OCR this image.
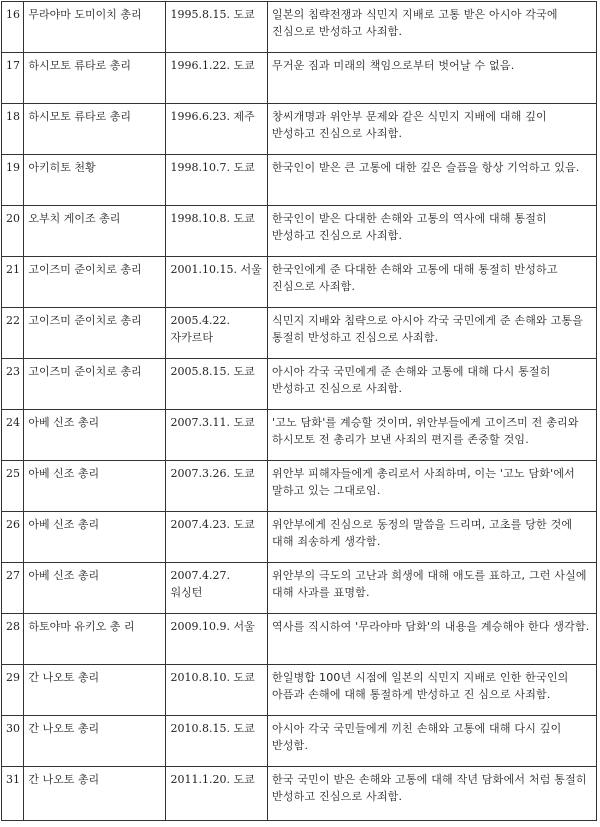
16	무라야마 도미이치 총리	1995.8.15. 도쿄	일본의 침략전쟁과 식민지 지배로 고통 받은 아시아 각국에 진심으로 반성하고 사죄함.
17	하시모토 류타로 총리	1996.1.22. 도쿄	무거운 짐과 미래의 책임으로부터 벗어날 수 없음.
18	하시모토 류타로 총리	1996.6.23. 제주	창씨개명과 위안부 문제와 같은 식민지 지배에 대해 깊이 반성하고 진심으로 사죄함.
19	아키히토 천황	1998.10.7. 도쿄	한국인이 받은 큰 고통에 대한 깊은 슬픔을 항상 기억하고 있음.
20	오부치 게이조 총리	1998.10.8. 도쿄	한국인이 받은 다대한 손해와 고통의 역사에 대해 통절히 반성하고 진심으로 사죄함.
21	고이즈미 준이치로 총리	2001.10.15. 서울	한국인에게 준 다대한 손해와 고통에 대해 통절히 반성하고 진심으로 사죄함.
22	고이즈미 준이치로 총리	2005.4.22. 자카르타	식민지 지배와 침략으로 아시아 각국 국민에게 준 손해와 고통을 통절히 반성하고 진심으로 사죄함.
23	고이즈미 준이치로 총리	2005.8.15. 도쿄	아시아 각국 국민에게 준 손해와 고통에 대해 다시 통절히 반성하고 진심으로 사죄함.
24	아베 신조 총리	2007.3.11. 도쿄	'고노 담화'를 계승할 것이며, 위안부들에게 고이즈미 전 총리와 하시모토 전 총리가 보낸 사죄의 편지를 존중할 것임.
25	아베 신조 총리	2007.3.26. 도쿄	위안부 피해자들에게 총리로서 사죄하며, 이는 '고노 담화'에서 말하고 있는 그대로임.
26	아베 신조 총리	2007.4.23. 도쿄	위안부에게 진심으로 동정의 말씀을 드리며, 고초를 당한 것에 대해 죄송하게 생각함.
27	아베 신조 총리	2007.4.27. 워싱턴	위안부의 극도의 고난과 희생에 대해 애도를 표하고, 그런 사실에 대해 사과를 표명함.
28	하토야마 유키오 총 리	2009.10.9. 서울	역사를 직시하여 '무라야마 담화'의 내용을 계승해야 한다 생각함.
29	간 나오토 총리	2010.8.10. 도쿄	한일병합 100년 시점에 일본의 식민지 지배로 인한 한국인의 아픔과 손해에 대해 통절하게 반성하고 진 심으로 사죄함.
30	간 나오토 총리	2010.8.15. 도쿄	아시아 각국 국민들에게 끼친 손해와 고통에 대해 다시 깊이 반성함.
31	간 나오토 총리	2011.1.20. 도쿄	한국 국민이 받은 손해와 고통에 대해 작년 담화에서 처럼 통절히 반성하고 진심으로 사죄함.
